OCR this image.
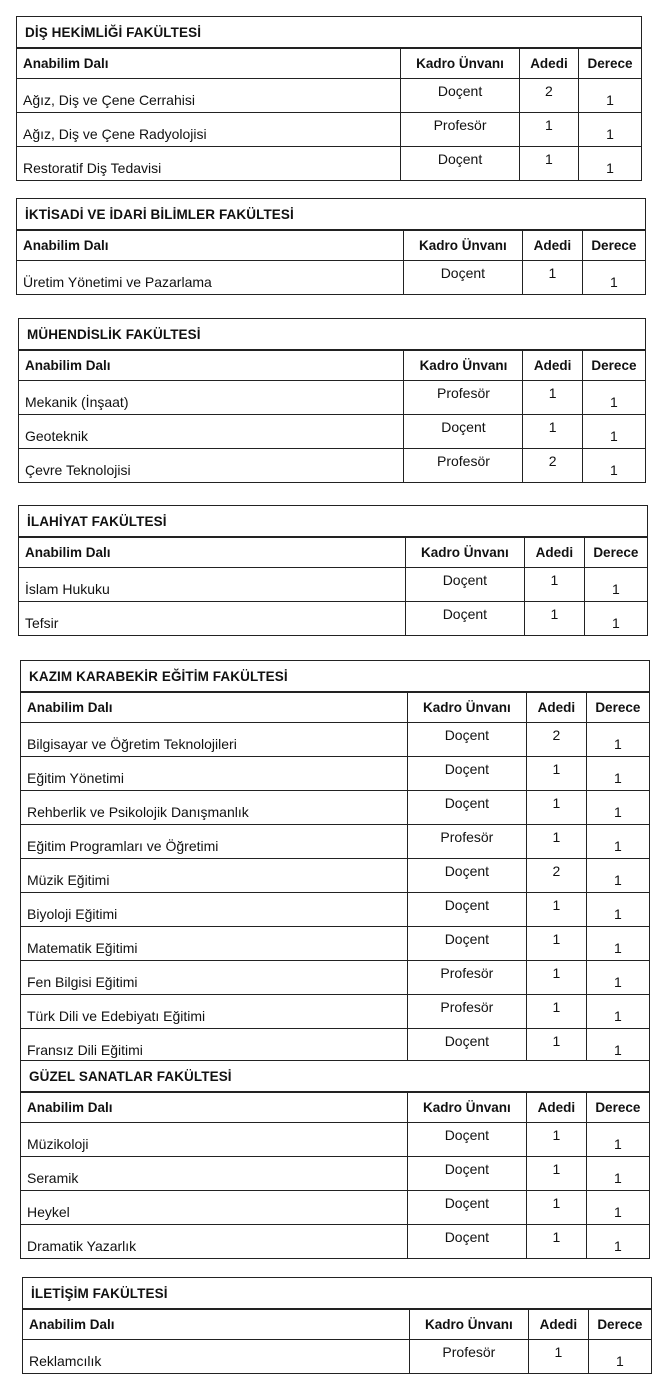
DİŞ HEKİMLİĞİ FAKÜLTESİ
Anabilim Dalı	Kadro Ünvanı	Adedi	Derece
Ağız, Diş ve Çene Cerrahisi	Doçent	2	1
Ağız, Diş ve Çene Radyolojisi	Profesör	1	1
Restoratif Diş Tedavisi	Doçent	1	1
İKTİSADİ VE İDARİ BİLİMLER FAKÜLTESİ
Anabilim Dalı	Kadro Ünvanı	Adedi	Derece
Üretim Yönetimi ve Pazarlama	Doçent	1	1
MÜHENDİSLİK FAKÜLTESİ
Anabilim Dalı	Kadro Ünvanı	Adedi	Derece
Mekanik (İnşaat)	Profesör	1	1
Geoteknik	Doçent	1	1
Çevre Teknolojisi	Profesör	2	1
İLAHİYAT FAKÜLTESİ
Anabilim Dalı	Kadro Ünvanı	Adedi	Derece
İslam Hukuku	Doçent	1	1
Tefsir	Doçent	1	1
KAZIM KARABEKİR EĞİTİM FAKÜLTESİ
Anabilim Dalı	Kadro Ünvanı	Adedi	Derece
Bilgisayar ve Öğretim Teknolojileri	Doçent	2	1
Eğitim Yönetimi	Doçent	1	1
Rehberlik ve Psikolojik Danışmanlık	Doçent	1	1
Eğitim Programları ve Öğretimi	Profesör	1	1
Müzik Eğitimi	Doçent	2	1
Biyoloji Eğitimi	Doçent	1	1
Matematik Eğitimi	Doçent	1	1
Fen Bilgisi Eğitimi	Profesör	1	1
Türk Dili ve Edebiyatı Eğitimi	Profesör	1	1
Fransız Dili Eğitimi	Doçent	1	1
GÜZEL SANATLAR FAKÜLTESİ
Anabilim Dalı	Kadro Ünvanı	Adedi	Derece
Müzikoloji	Doçent	1	1
Seramik	Doçent	1	1
Heykel	Doçent	1	1
Dramatik Yazarlık	Doçent	1	1
İLETİŞİM FAKÜLTESİ
Anabilim Dalı	Kadro Ünvanı	Adedi	Derece
Reklamcılık	Profesör	1	1
